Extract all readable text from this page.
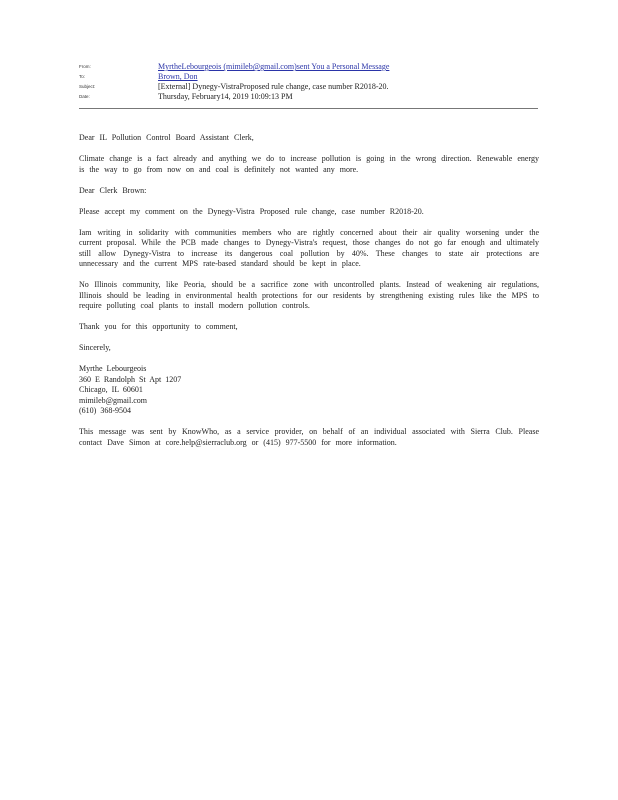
From:	MyrtheLebourgeois (mimileb@gmail.com)sent You a Personal Message
To:	Brown, Don
Subject:	[External] Dynegy-VistraProposed rule change, case number R2018-20.
Date:	Thursday, February14, 2019 10:09:13 PM

Dear IL Pollution Control Board Assistant Clerk,

Climate change is a fact already and anything we do to increase pollution is going in the wrong direction. Renewable energy is the way to go from now on and coal is definitely not wanted any more.

Dear Clerk Brown:

Please accept my comment on the Dynegy-Vistra Proposed rule change, case number R2018-20.

Iam writing in solidarity with communities members who are rightly concerned about their air quality worsening under the current proposal. While the PCB made changes to Dynegy-Vistra's request, those changes do not go far enough and ultimately still allow Dynegy-Vistra to increase its dangerous coal pollution by 40%. These changes to state air protections are unnecessary and the current MPS rate-based standard should be kept in place.

No Illinois community, like Peoria, should be a sacrifice zone with uncontrolled plants. Instead of weakening air regulations, Illinois should be leading in environmental health protections for our residents by strengthening existing rules like the MPS to require polluting coal plants to install modern pollution controls.

Thank you for this opportunity to comment,

Sincerely,

Myrthe Lebourgeois
360 E Randolph St Apt 1207
Chicago, IL 60601
mimileb@gmail.com
(610) 368-9504

This message was sent by KnowWho, as a service provider, on behalf of an individual associated with Sierra Club. Please contact Dave Simon at core.help@sierraclub.org or (415) 977-5500 for more information.
